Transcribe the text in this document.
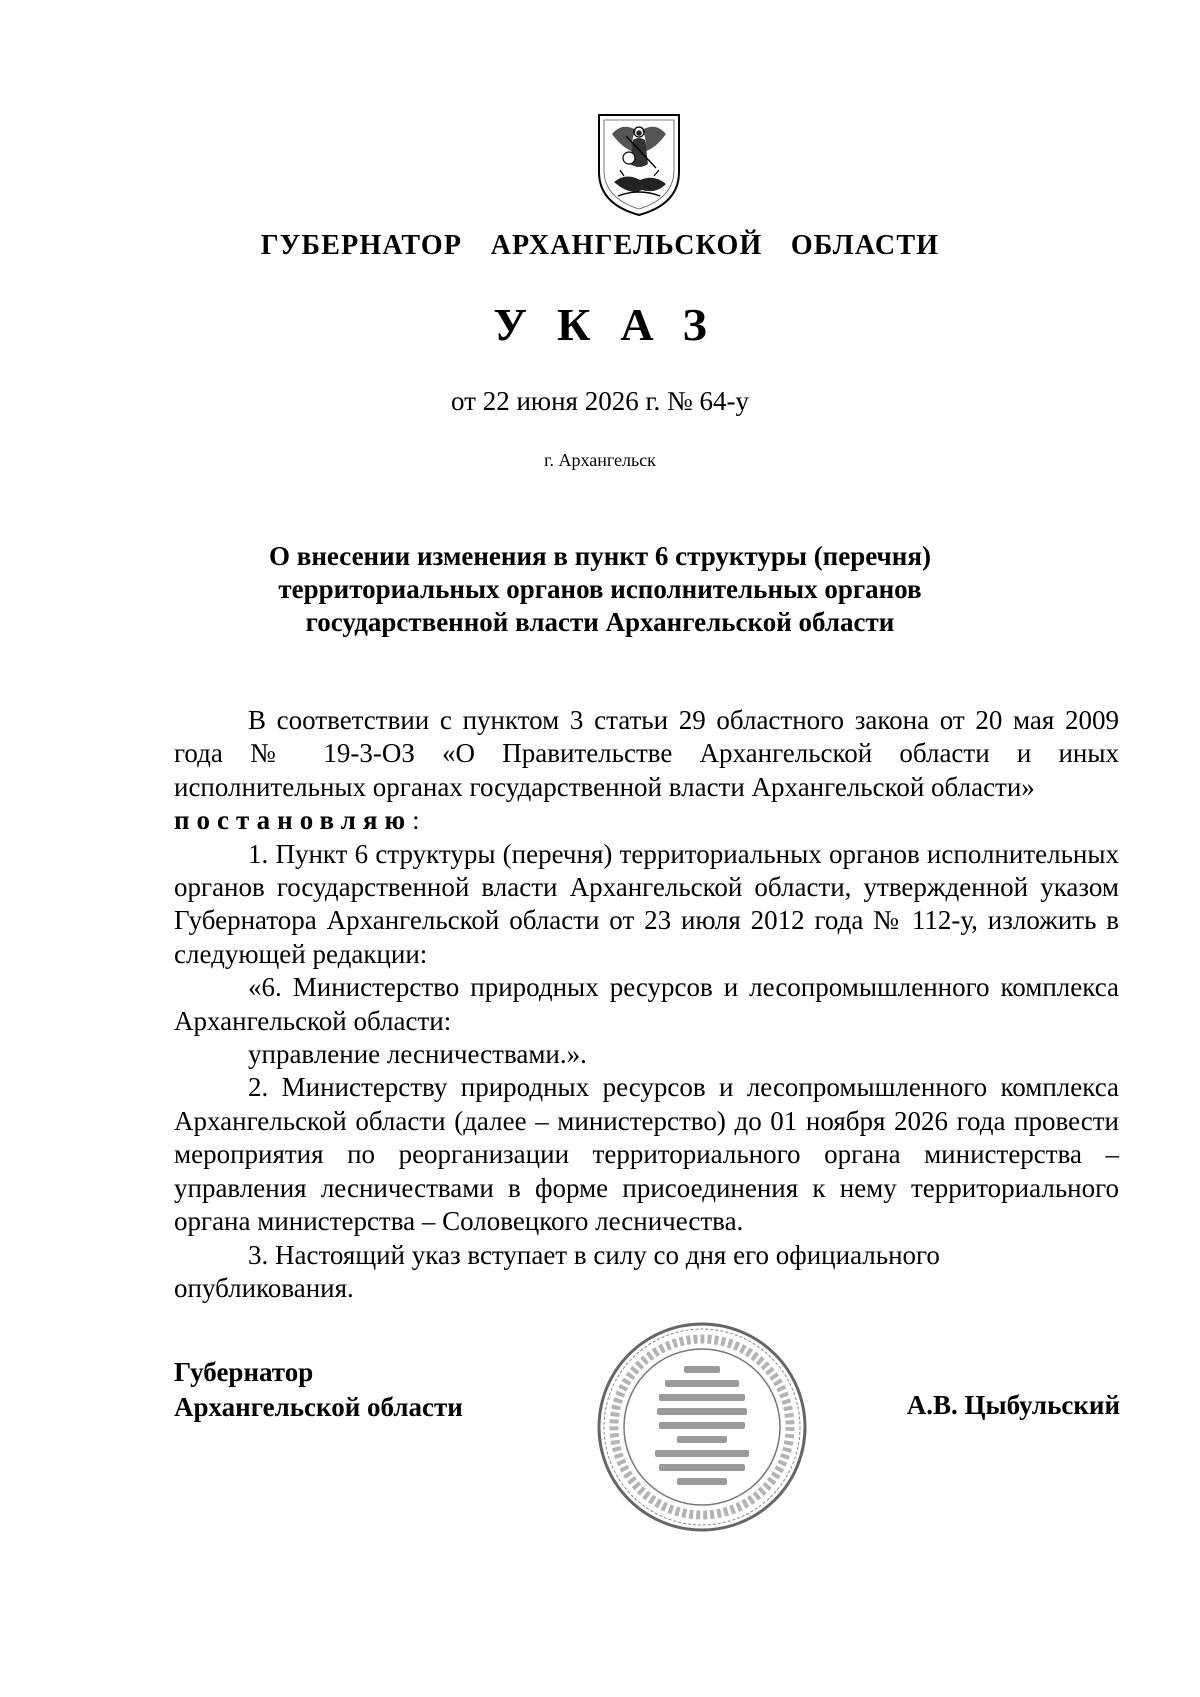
ГУБЕРНАТОР  АРХАНГЕЛЬСКОЙ  ОБЛАСТИ
УКАЗ
от 22 июня 2026 г. № 64-у
г. Архангельск
О внесении изменения в пункт 6 структуры (перечня)
территориальных органов исполнительных органов
государственной власти Архангельской области

В соответствии с пунктом 3 статьи 29 областного закона от 20 мая 2009 года № 19-3-ОЗ «О Правительстве Архангельской области и иных исполнительных органах государственной власти Архангельской области»

постановляю:

1. Пункт 6 структуры (перечня) территориальных органов исполнительных органов государственной власти Архангельской области, утвержденной указом Губернатора Архангельской области от 23 июля 2012 года № 112-у, изложить в следующей редакции:

«6. Министерство природных ресурсов и лесопромышленного комплекса Архангельской области:

управление лесничествами.».

2. Министерству природных ресурсов и лесопромышленного комплекса Архангельской области (далее – министерство) до 01 ноября 2026 года провести мероприятия по реорганизации территориального органа министерства – управления лесничествами в форме присоединения к нему территориального органа министерства – Соловецкого лесничества.

3. Настоящий указ вступает в силу со дня его официального опубликования.

Губернатор
Архангельской области	А.В. Цыбульский
